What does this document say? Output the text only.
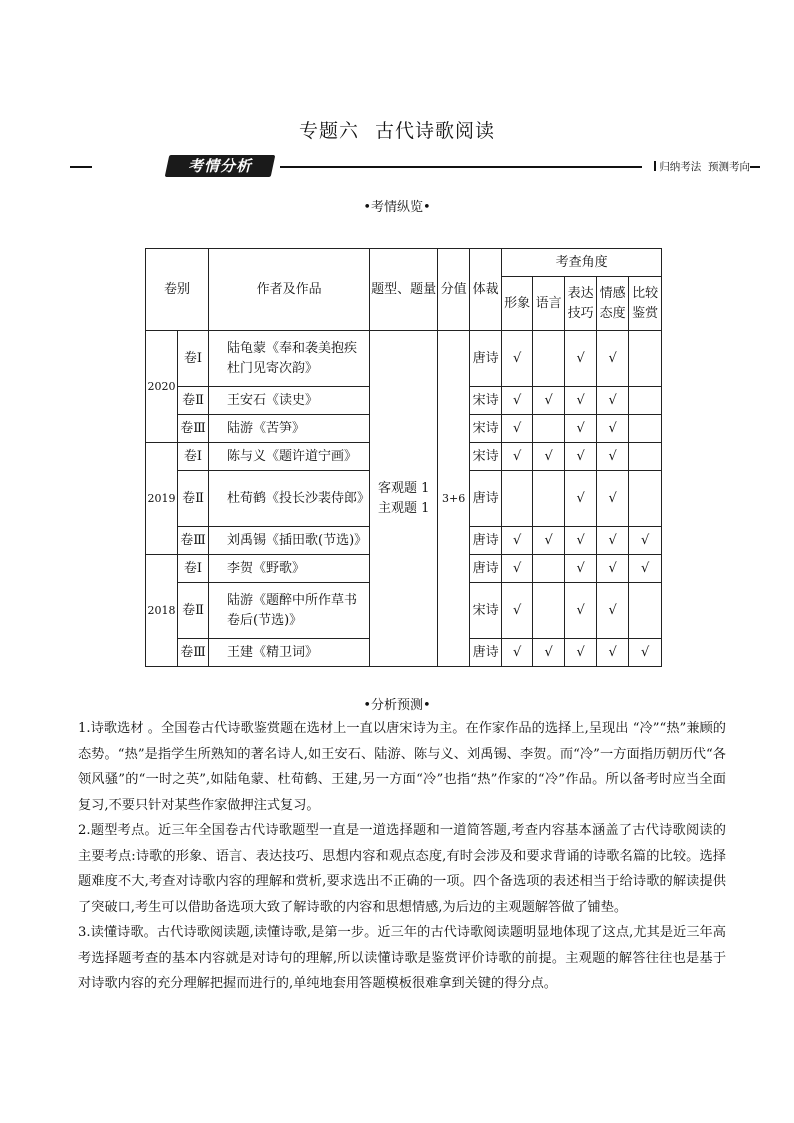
专题六 古代诗歌阅读
考情分析	归纳考法 预测考向
•考情纵览•
卷别		作者及作品	题型、题量	分值	体裁	考查角度				
						形象	语言	表达技巧	情感态度	比较鉴赏

2020	卷Ⅰ	陆龟蒙《奉和袭美抱疾杜门见寄次韵》	客观题 1 主观题 1	3+6	唐诗	√		√	√	
	卷Ⅱ	王安石《读史》			宋诗	√	√	√	√	
	卷Ⅲ	陆游《苦笋》			宋诗	√		√	√	
2019	卷Ⅰ	陈与义《题许道宁画》			宋诗	√	√	√	√	
	卷Ⅱ	杜荀鹤《投长沙裴侍郎》			唐诗			√	√	
	卷Ⅲ	刘禹锡《插田歌(节选)》			唐诗	√	√	√	√	√
2018	卷Ⅰ	李贺《野歌》			唐诗	√		√	√	√
	卷Ⅱ	陆游《题醉中所作草书卷后(节选)》			宋诗	√		√	√	
	卷Ⅲ	王建《精卫词》			唐诗	√	√	√	√	√
•分析预测•

1.诗歌选材 。全国卷古代诗歌鉴赏题在选材上一直以唐宋诗为主。在作家作品的选择上,呈现出 “冷”“热”兼顾的态势。“热”是指学生所熟知的著名诗人,如王安石、陆游、陈与义、刘禹锡、李贺。而“冷”一方面指历朝历代“各领风骚”的“一时之英”,如陆龟蒙、杜荀鹤、王建,另一方面“冷”也指“热”作家的“冷”作品。所以备考时应当全面复习,不要只针对某些作家做押注式复习。

2.题型考点。近三年全国卷古代诗歌题型一直是一道选择题和一道简答题,考查内容基本涵盖了古代诗歌阅读的主要考点:诗歌的形象、语言、表达技巧、思想内容和观点态度,有时会涉及和要求背诵的诗歌名篇的比较。选择题难度不大,考查对诗歌内容的理解和赏析,要求选出不正确的一项。四个备选项的表述相当于给诗歌的解读提供了突破口,考生可以借助备选项大致了解诗歌的内容和思想情感,为后边的主观题解答做了铺垫。

3.读懂诗歌。古代诗歌阅读题,读懂诗歌,是第一步。近三年的古代诗歌阅读题明显地体现了这点,尤其是近三年高考选择题考查的基本内容就是对诗句的理解,所以读懂诗歌是鉴赏评价诗歌的前提。主观题的解答往往也是基于对诗歌内容的充分理解把握而进行的,单纯地套用答题模板很难拿到关键的得分点。
